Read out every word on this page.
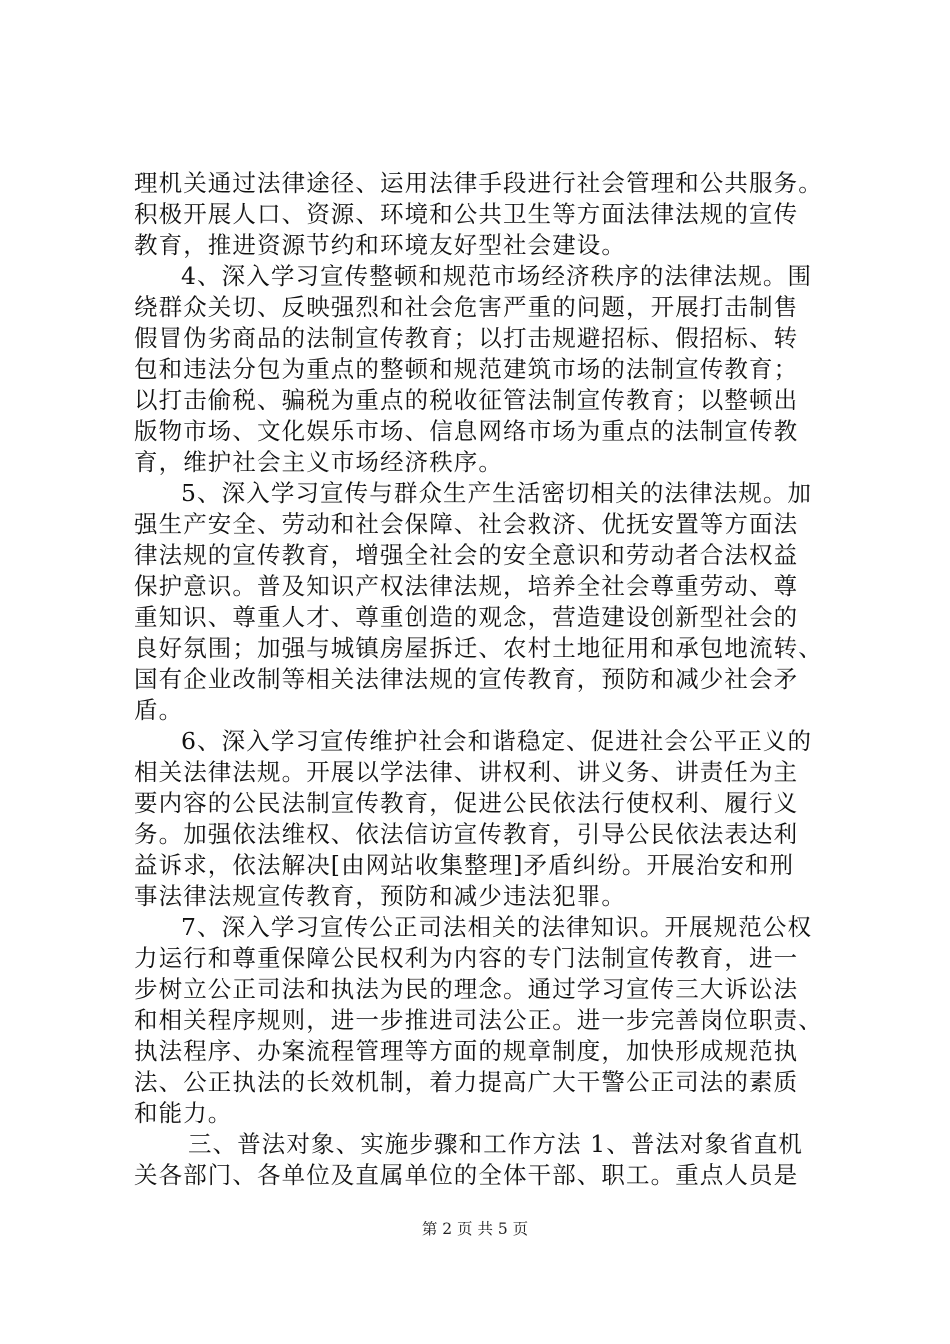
理机关通过法律途径、运用法律手段进行社会管理和公共服务。
积极开展人口、资源、环境和公共卫生等方面法律法规的宣传
教育，推进资源节约和环境友好型社会建设。
4、深入学习宣传整顿和规范市场经济秩序的法律法规。围
绕群众关切、反映强烈和社会危害严重的问题，开展打击制售
假冒伪劣商品的法制宣传教育；以打击规避招标、假招标、转
包和违法分包为重点的整顿和规范建筑市场的法制宣传教育；
以打击偷税、骗税为重点的税收征管法制宣传教育；以整顿出
版物市场、文化娱乐市场、信息网络市场为重点的法制宣传教
育，维护社会主义市场经济秩序。
5、深入学习宣传与群众生产生活密切相关的法律法规。加
强生产安全、劳动和社会保障、社会救济、优抚安置等方面法
律法规的宣传教育，增强全社会的安全意识和劳动者合法权益
保护意识。普及知识产权法律法规，培养全社会尊重劳动、尊
重知识、尊重人才、尊重创造的观念，营造建设创新型社会的
良好氛围；加强与城镇房屋拆迁、农村土地征用和承包地流转、
国有企业改制等相关法律法规的宣传教育，预防和减少社会矛
盾。
6、深入学习宣传维护社会和谐稳定、促进社会公平正义的
相关法律法规。开展以学法律、讲权利、讲义务、讲责任为主
要内容的公民法制宣传教育，促进公民依法行使权利、履行义
务。加强依法维权、依法信访宣传教育，引导公民依法表达利
益诉求，依法解决[由网站收集整理]矛盾纠纷。开展治安和刑
事法律法规宣传教育，预防和减少违法犯罪。
7、深入学习宣传公正司法相关的法律知识。开展规范公权
力运行和尊重保障公民权利为内容的专门法制宣传教育，进一
步树立公正司法和执法为民的理念。通过学习宣传三大诉讼法
和相关程序规则，进一步推进司法公正。进一步完善岗位职责、
执法程序、办案流程管理等方面的规章制度，加快形成规范执
法、公正执法的长效机制，着力提高广大干警公正司法的素质
和能力。
三、普法对象、实施步骤和工作方法 1、普法对象省直机
关各部门、各单位及直属单位的全体干部、职工。重点人员是
第 2 页 共 5 页
